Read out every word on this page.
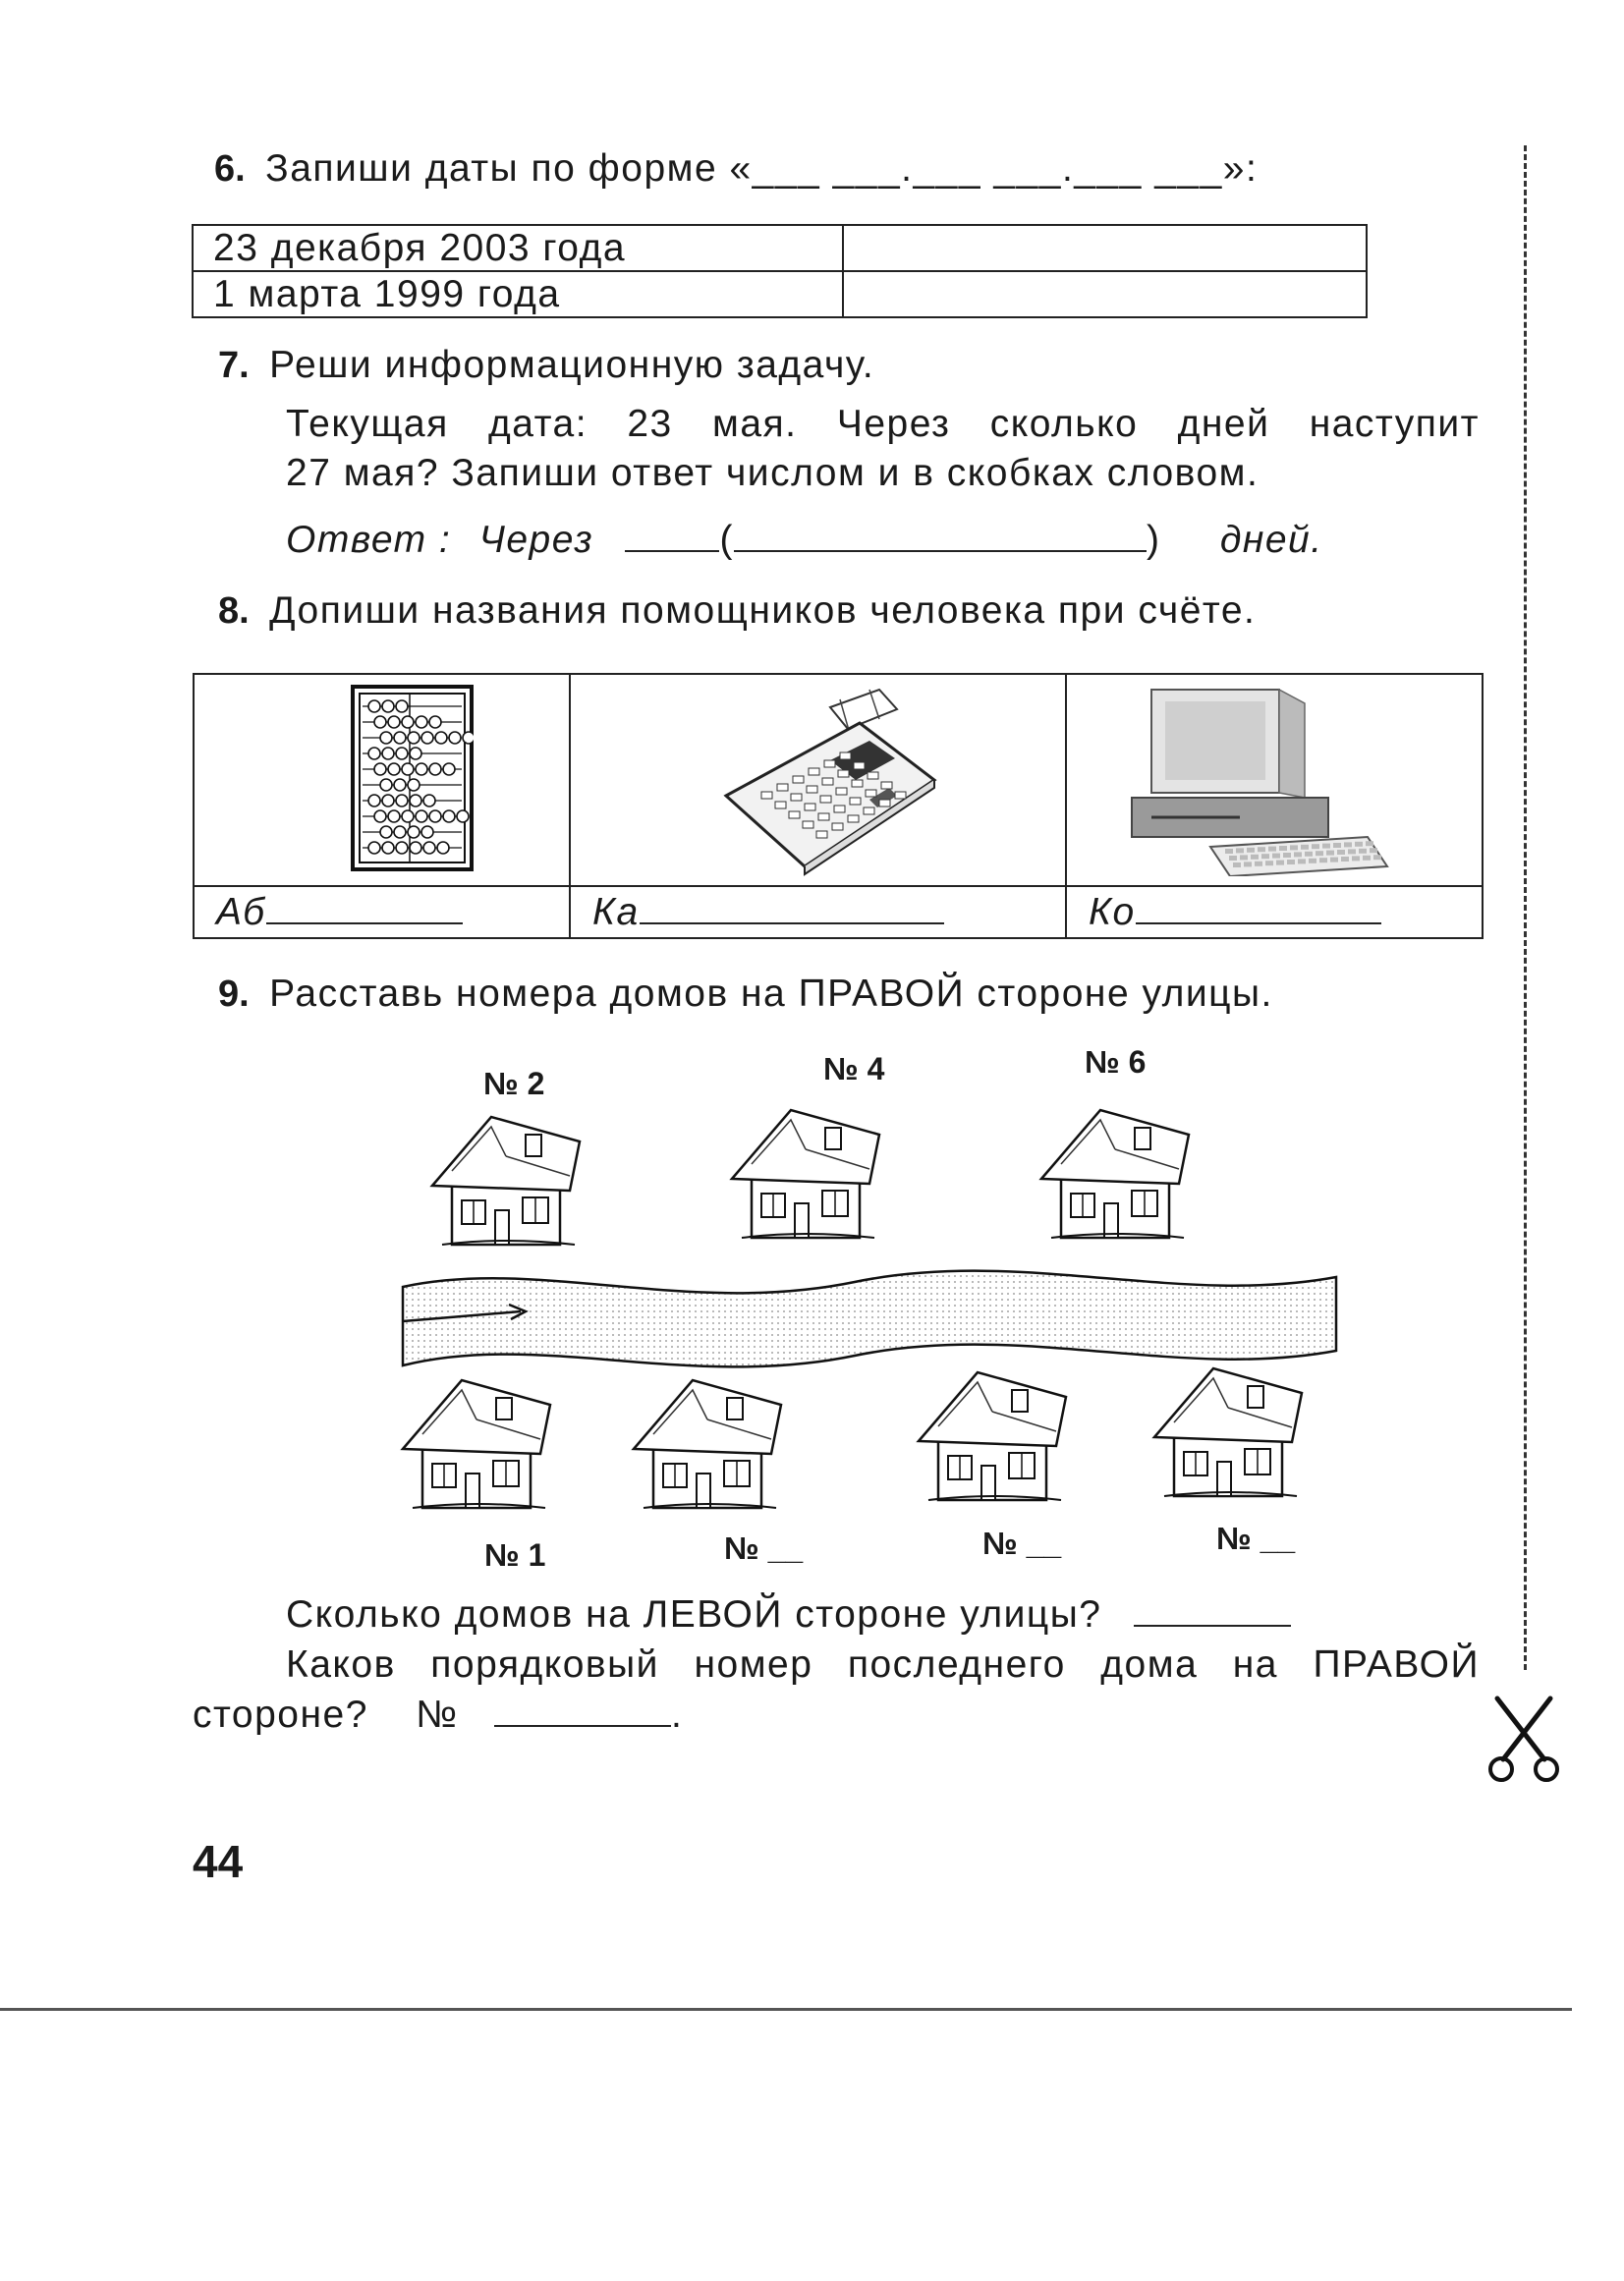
6. Запиши даты по форме «___ ___.___ ___.___ ___»:
23 декабря 2003 года	
1 марта 1999 года	
7. Реши информационную задачу.
Текущая дата: 23 мая. Через сколько дней наступит
27 мая? Запиши ответ числом и в скобках словом.
Ответ : Через	(	) дней.
8. Допиши названия помощников человека при счёте.

Аб	Ка	Ко
9. Расставь номера домов на ПРАВОЙ стороне улицы.
№ 2	№ 4	№ 6
№ 1	№ __	№ __	№ __
Сколько домов на ЛЕВОЙ стороне улицы?
Каков порядковый номер последнего дома на ПРАВОЙ
стороне? №	.
44
